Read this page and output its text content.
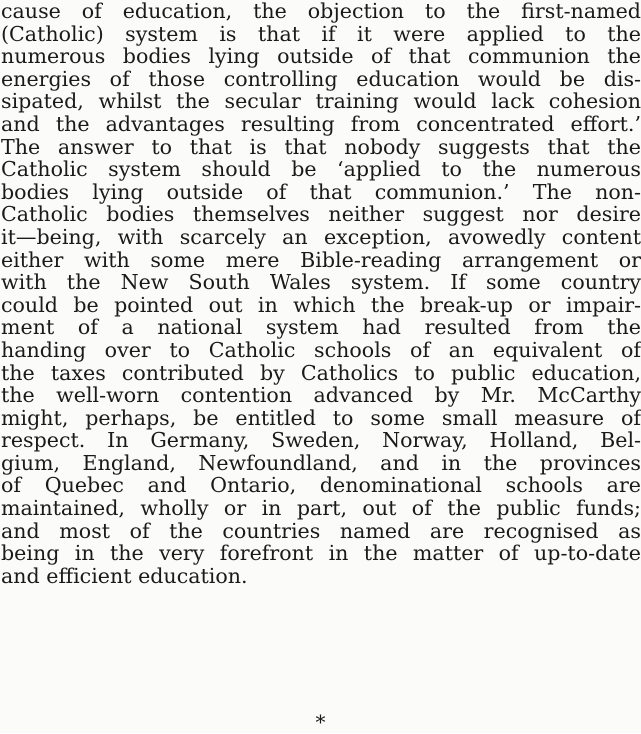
cause of education, the objection to the first-named
(Catholic) system is that if it were applied to the
numerous bodies lying outside of that communion the
energies of those controlling education would be dis-
sipated, whilst the secular training would lack cohesion
and the advantages resulting from concentrated effort.’
The answer to that is that nobody suggests that the
Catholic system should be ‘applied to the numerous
bodies lying outside of that communion.’ The non-
Catholic bodies themselves neither suggest nor desire
it—being, with scarcely an exception, avowedly content
either with some mere Bible-reading arrangement or
with the New South Wales system. If some country
could be pointed out in which the break-up or impair-
ment of a national system had resulted from the
handing over to Catholic schools of an equivalent of
the taxes contributed by Catholics to public education,
the well-worn contention advanced by Mr. McCarthy
might, perhaps, be entitled to some small measure of
respect. In Germany, Sweden, Norway, Holland, Bel-
gium, England, Newfoundland, and in the provinces
of Quebec and Ontario, denominational schools are
maintained, wholly or in part, out of the public funds;
and most of the countries named are recognised as
being in the very forefront in the matter of up-to-date
and efficient education.
*
